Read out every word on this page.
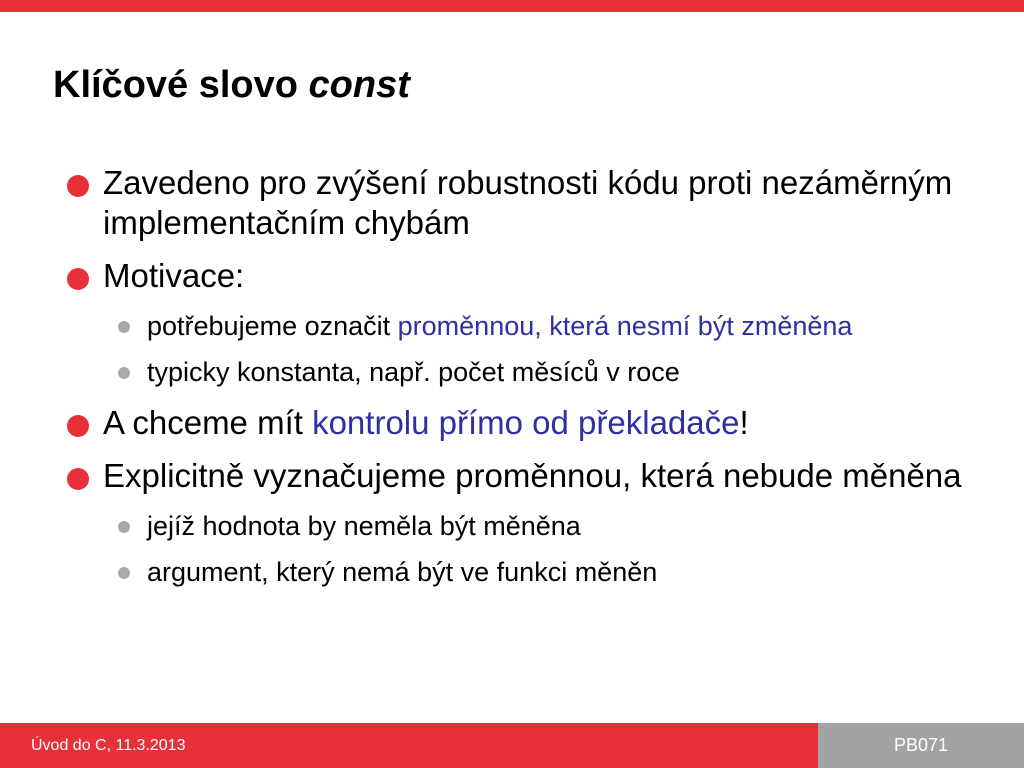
Klíčové slovo const
Zavedeno pro zvýšení robustnosti kódu proti nezáměrným implementačním chybám
Motivace:
potřebujeme označit proměnnou, která nesmí být změněna
typicky konstanta, např. počet měsíců v roce
A chceme mít kontrolu přímo od překladače!
Explicitně vyznačujeme proměnnou, která nebude měněna
jejíž hodnota by neměla být měněna
argument, který nemá být ve funkci měněn
Úvod do C, 11.3.2013	PB071
